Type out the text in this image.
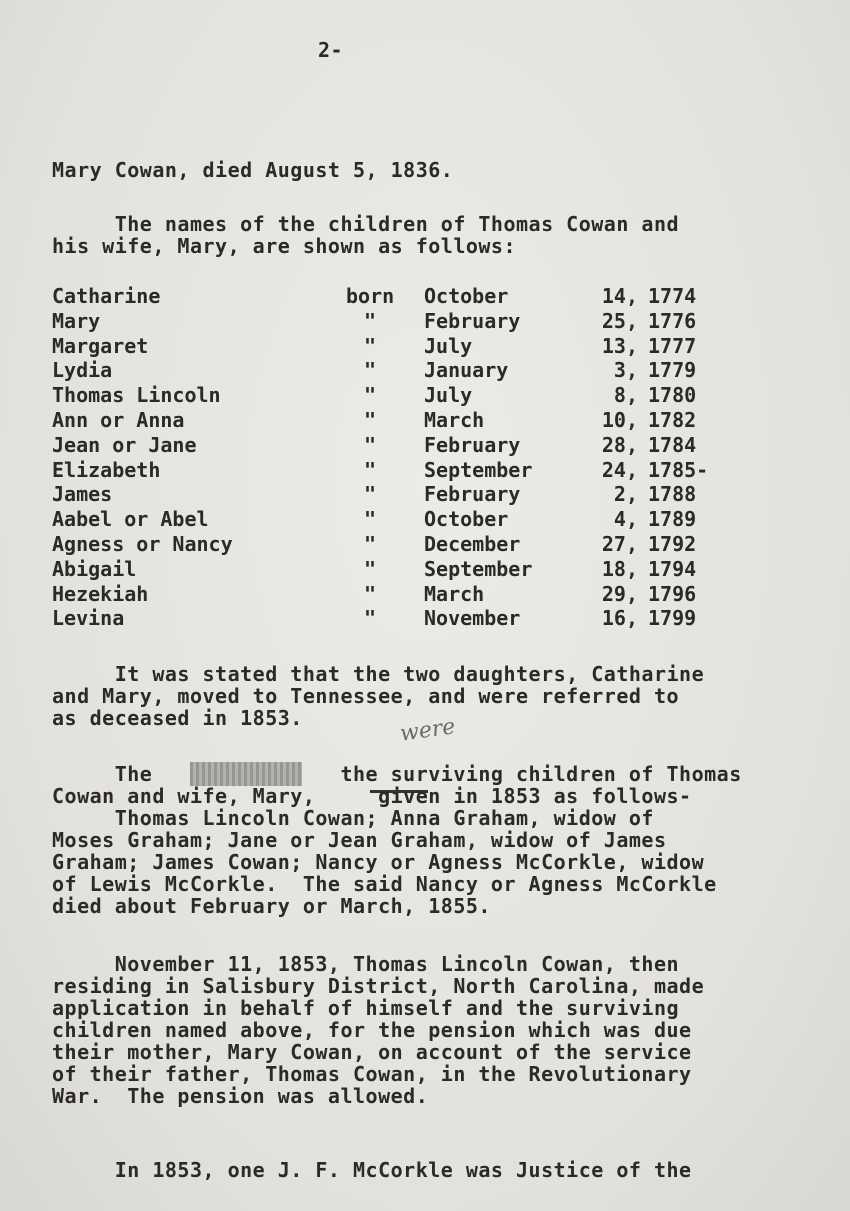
2-
Mary Cowan, died August 5, 1836.
The names of the children of Thomas Cowan and
his wife, Mary, are shown as follows:
Catharine	born October	14, 1774
Mary	" February	25, 1776
Margaret	" July	13, 1777
Lydia	" January	3, 1779
Thomas Lincoln	" July	8, 1780
Ann or Anna	" March	10, 1782
Jean or Jane	" February	28, 1784
Elizabeth	" September	24, 1785-
James	" February	2, 1788
Aabel or Abel	" October	4, 1789
Agness or Nancy	" December	27, 1792
Abigail	" September	18, 1794
Hezekiah	" March	29, 1796
Levina	" November	16, 1799
It was stated that the two daughters, Catharine
and Mary, moved to Tennessee, and were referred to
as deceased in 1853.	were
The               the surviving children of Thomas
Cowan and wife, Mary,     given in 1853 as follows-
Thomas Lincoln Cowan; Anna Graham, widow of
Moses Graham; Jane or Jean Graham, widow of James
Graham; James Cowan; Nancy or Agness McCorkle, widow
of Lewis McCorkle.  The said Nancy or Agness McCorkle
died about February or March, 1855.
November 11, 1853, Thomas Lincoln Cowan, then
residing in Salisbury District, North Carolina, made
application in behalf of himself and the surviving
children named above, for the pension which was due
their mother, Mary Cowan, on account of the service
of their father, Thomas Cowan, in the Revolutionary
War.  The pension was allowed.
In 1853, one J. F. McCorkle was Justice of the
